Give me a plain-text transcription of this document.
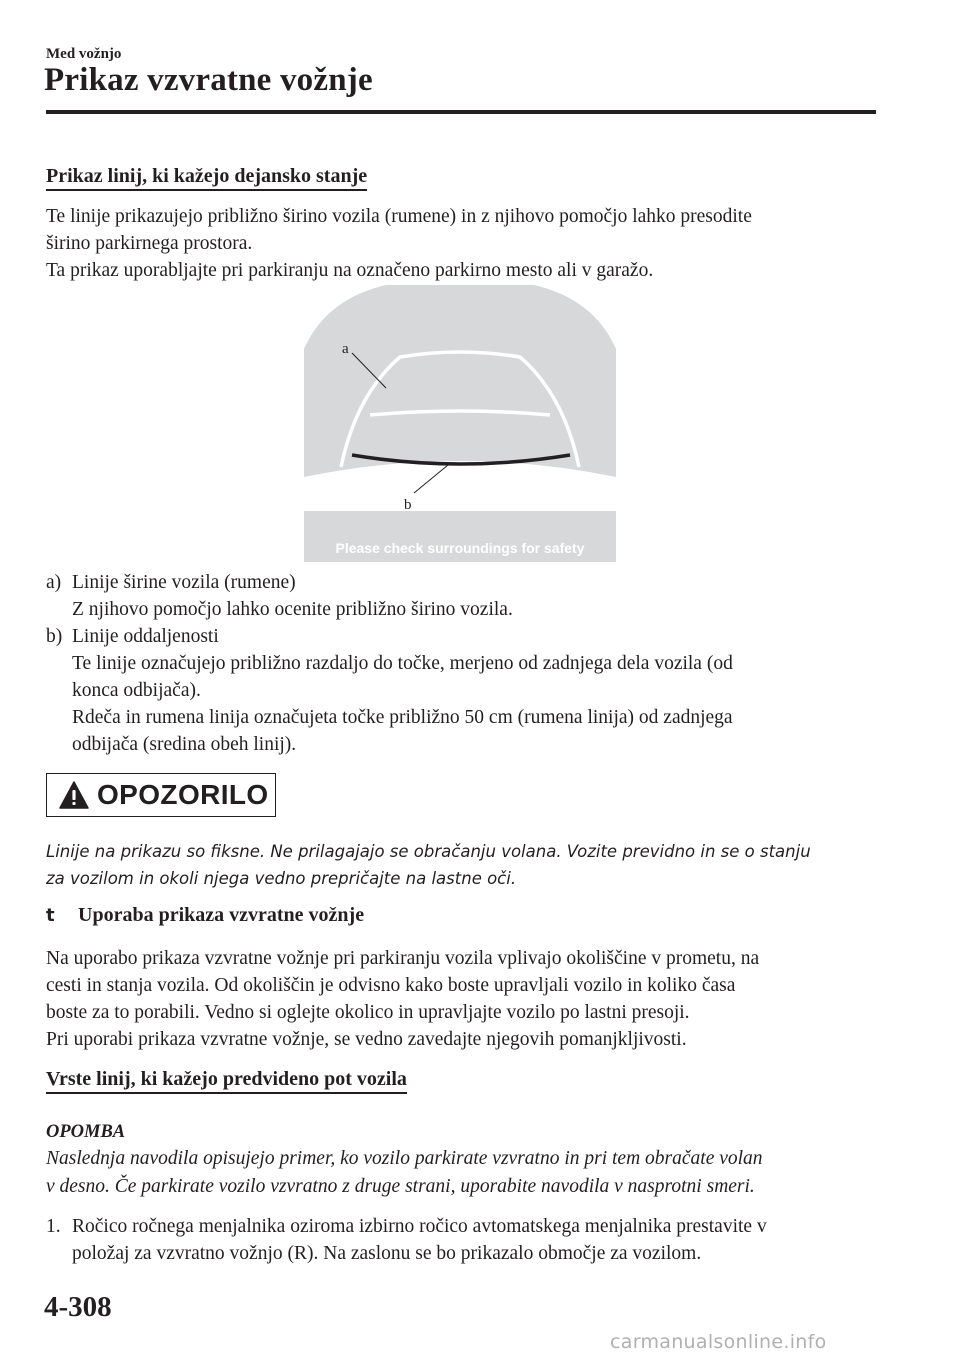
Med vožnjo
Prikaz vzvratne vožnje
Prikaz linij, ki kažejo dejansko stanje
Te linije prikazujejo približno širino vozila (rumene) in z njihovo pomočjo lahko presodite
širino parkirnega prostora.
Ta prikaz uporabljajte pri parkiranju na označeno parkirno mesto ali v garažo.
a
b
Please check surroundings for safety
a) Linije širine vozila (rumene)
Z njihovo pomočjo lahko ocenite približno širino vozila.
b) Linije oddaljenosti
Te linije označujejo približno razdaljo do točke, merjeno od zadnjega dela vozila (od
konca odbijača).
Rdeča in rumena linija označujeta točke približno 50 cm (rumena linija) od zadnjega
odbijača (sredina obeh linij).
OPOZORILO
Linije na prikazu so fiksne. Ne prilagajajo se obračanju volana. Vozite previdno in se o stanju
za vozilom in okoli njega vedno prepričajte na lastne oči.
t Uporaba prikaza vzvratne vožnje
Na uporabo prikaza vzvratne vožnje pri parkiranju vozila vplivajo okoliščine v prometu, na
cesti in stanja vozila. Od okoliščin je odvisno kako boste upravljali vozilo in koliko časa
boste za to porabili. Vedno si oglejte okolico in upravljajte vozilo po lastni presoji.
Pri uporabi prikaza vzvratne vožnje, se vedno zavedajte njegovih pomanjkljivosti.
Vrste linij, ki kažejo predvideno pot vozila
OPOMBA
Naslednja navodila opisujejo primer, ko vozilo parkirate vzvratno in pri tem obračate volan
v desno. Če parkirate vozilo vzvratno z druge strani, uporabite navodila v nasprotni smeri.
1. Ročico ročnega menjalnika oziroma izbirno ročico avtomatskega menjalnika prestavite v
položaj za vzvratno vožnjo (R). Na zaslonu se bo prikazalo območje za vozilom.
4-308
carmanualsonline.info
